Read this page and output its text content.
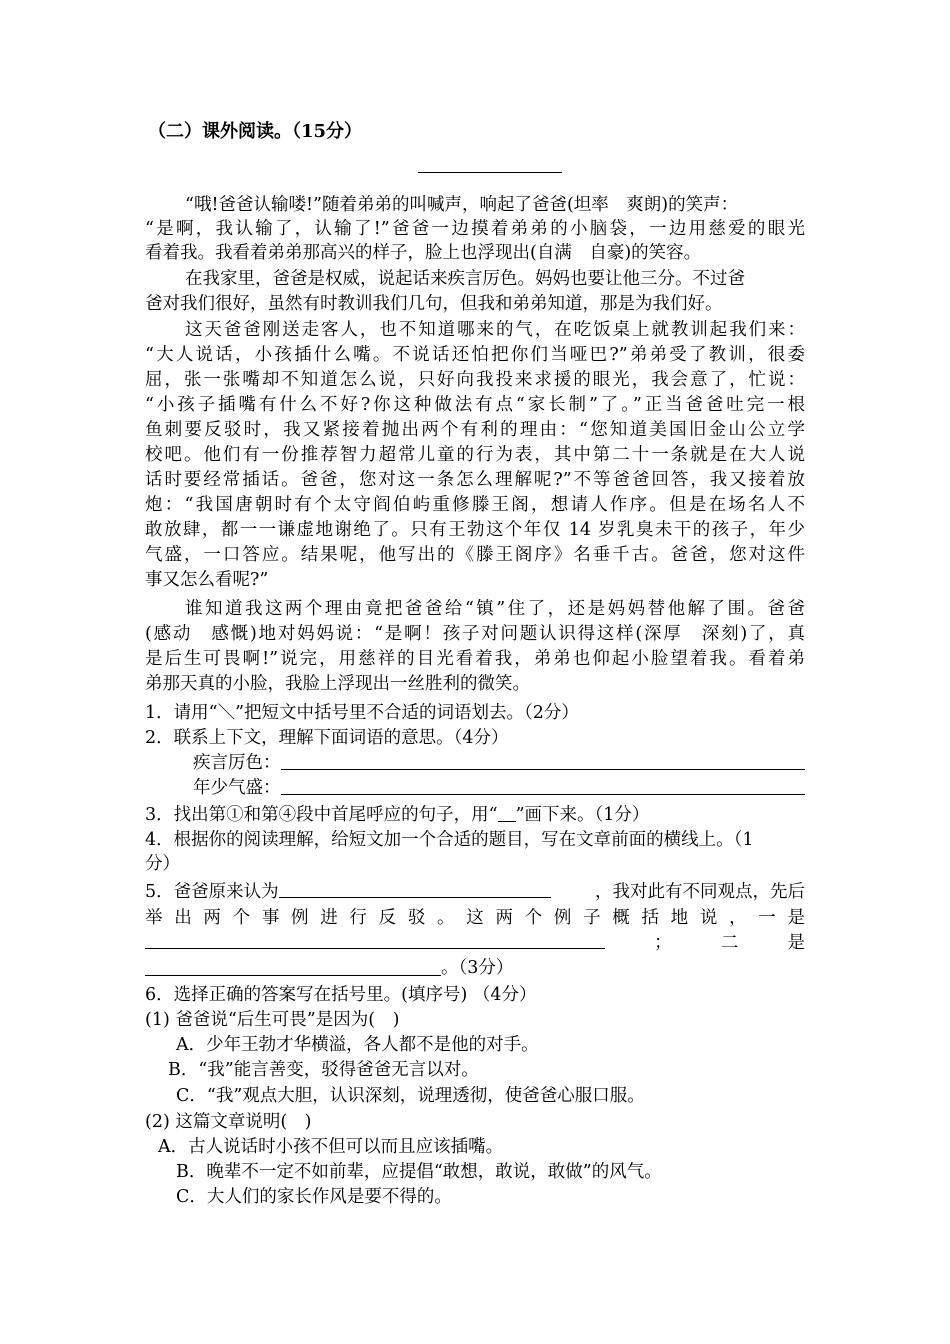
（二）课外阅读。（15分）
“哦!爸爸认输喽!”随着弟弟的叫喊声，响起了爸爸(坦率　爽朗)的笑声：
“是啊，我认输了，认输了!”爸爸一边摸着弟弟的小脑袋，一边用慈爱的眼光
看着我。我看着弟弟那高兴的样子，脸上也浮现出(自满　自豪)的笑容。
在我家里，爸爸是权威，说起话来疾言厉色。妈妈也要让他三分。不过爸
爸对我们很好，虽然有时教训我们几句，但我和弟弟知道，那是为我们好。
这天爸爸刚送走客人，也不知道哪来的气，在吃饭桌上就教训起我们来：
“大人说话，小孩插什么嘴。不说话还怕把你们当哑巴?”弟弟受了教训，很委
屈，张一张嘴却不知道怎么说，只好向我投来求援的眼光，我会意了，忙说：
“小孩子插嘴有什么不好?你这种做法有点“家长制”了。”正当爸爸吐完一根
鱼刺要反驳时，我又紧接着抛出两个有利的理由：“您知道美国旧金山公立学
校吧。他们有一份推荐智力超常儿童的行为表，其中第二十一条就是在大人说
话时要经常插话。爸爸，您对这一条怎么理解呢?”不等爸爸回答，我又接着放
炮：“我国唐朝时有个太守阎伯屿重修滕王阁，想请人作序。但是在场名人不
敢放肆，都一一谦虚地谢绝了。只有王勃这个年仅 14 岁乳臭未干的孩子，年少
气盛，一口答应。结果呢，他写出的《滕王阁序》名垂千古。爸爸，您对这件
事又怎么看呢?”
谁知道我这两个理由竟把爸爸给“镇”住了，还是妈妈替他解了围。爸爸
(感动　感慨)地对妈妈说：“是啊！孩子对问题认识得这样(深厚　深刻)了，真
是后生可畏啊!”说完，用慈祥的目光看着我，弟弟也仰起小脸望着我。看着弟
弟那天真的小脸，我脸上浮现出一丝胜利的微笑。
1．请用“＼”把短文中括号里不合适的词语划去。（2分）
2．联系上下文，理解下面词语的意思。（4分）
疾言厉色：
年少气盛：
3．找出第①和第④段中首尾呼应的句子，用“ ”画下来。（1分）
4．根据你的阅读理解，给短文加一个合适的题目，写在文章前面的横线上。（1
分）
5．爸爸原来认为	，我对此有不同观点，先后
举出两个事例进行反驳。这两个例子概括地说，一是
；	二	是
。（3分）
6．选择正确的答案写在括号里。(填序号) （4分）
(1) 爸爸说“后生可畏”是因为(　)
A．少年王勃才华横溢，各人都不是他的对手。
B．“我”能言善变，驳得爸爸无言以对。
C．“我”观点大胆，认识深刻，说理透彻，使爸爸心服口服。
(2) 这篇文章说明(　)
A．古人说话时小孩不但可以而且应该插嘴。
B．晚辈不一定不如前辈，应提倡“敢想，敢说，敢做”的风气。
C．大人们的家长作风是要不得的。
